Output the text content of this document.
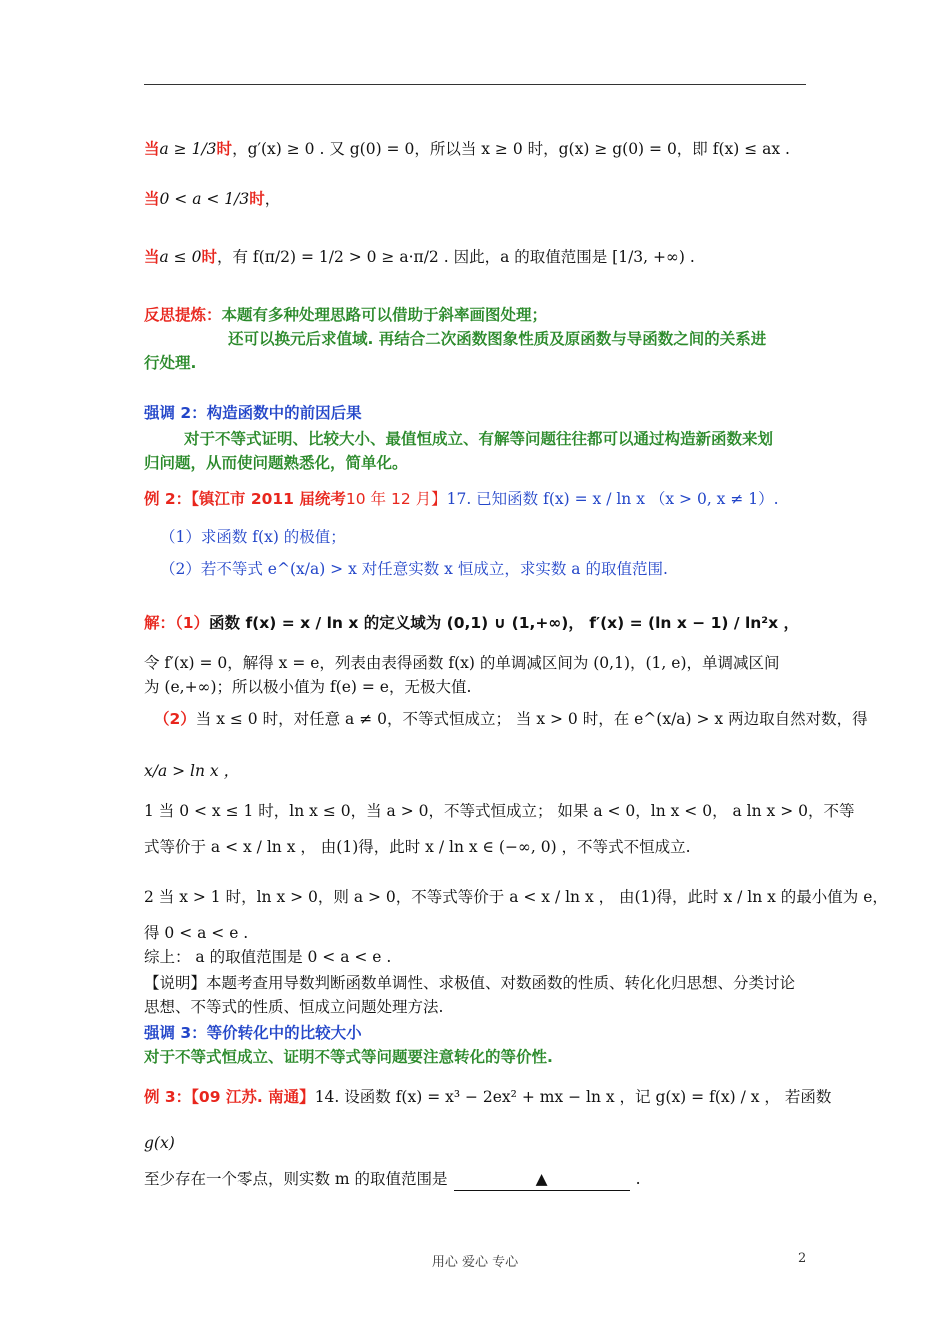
当a ≥ 1/3时，g′(x) ≥ 0 . 又 g(0) = 0，所以当 x ≥ 0 时，g(x) ≥ g(0) = 0，即 f(x) ≤ ax .
当0 < a < 1/3时，
当a ≤ 0时，有 f(π/2) = 1/2 > 0 ≥ a·π/2 . 因此，a 的取值范围是 [1/3, +∞) .
反思提炼：本题有多种处理思路可以借助于斜率画图处理；
还可以换元后求值域. 再结合二次函数图象性质及原函数与导函数之间的关系进
行处理.
强调 2：构造函数中的前因后果
对于不等式证明、比较大小、最值恒成立、有解等问题往往都可以通过构造新函数来划
归问题，从而使问题熟悉化，简单化。
例 2：【镇江市 2011 届统考10 年 12 月】17. 已知函数 f(x) = x / ln x （x > 0, x ≠ 1）.
（1）求函数 f(x) 的极值；
（2）若不等式 e^(x/a) > x 对任意实数 x 恒成立，求实数 a 的取值范围.
解：（1）函数 f(x) = x / ln x 的定义域为 (0,1) ∪ (1,+∞)， f′(x) = (ln x − 1) / ln²x ，
令 f′(x) = 0，解得 x = e，列表由表得函数 f(x) 的单调减区间为 (0,1)，(1, e)，单调减区间
为 (e,+∞)；所以极小值为 f(e) = e，无极大值.
（2）当 x ≤ 0 时，对任意 a ≠ 0，不等式恒成立； 当 x > 0 时，在 e^(x/a) > x 两边取自然对数，得
x/a > ln x ，
1 当 0 < x ≤ 1 时，ln x ≤ 0，当 a > 0，不等式恒成立； 如果 a < 0，ln x < 0， a ln x > 0，不等
式等价于 a < x / ln x ， 由(1)得，此时 x / ln x ∈ (−∞, 0) ，不等式不恒成立.
2 当 x > 1 时，ln x > 0，则 a > 0，不等式等价于 a < x / ln x ， 由(1)得，此时 x / ln x 的最小值为 e，
得 0 < a < e .
综上： a 的取值范围是 0 < a < e .
【说明】本题考查用导数判断函数单调性、求极值、对数函数的性质、转化化归思想、分类讨论
思想、不等式的性质、恒成立问题处理方法.
强调 3：等价转化中的比较大小
对于不等式恒成立、证明不等式等问题要注意转化的等价性.
例 3：【09 江苏. 南通】14. 设函数 f(x) = x³ − 2ex² + mx − ln x ，记 g(x) = f(x) / x ， 若函数
g(x)
至少存在一个零点，则实数 m 的取值范围是	▲	.
用心 爱心 专心	2
